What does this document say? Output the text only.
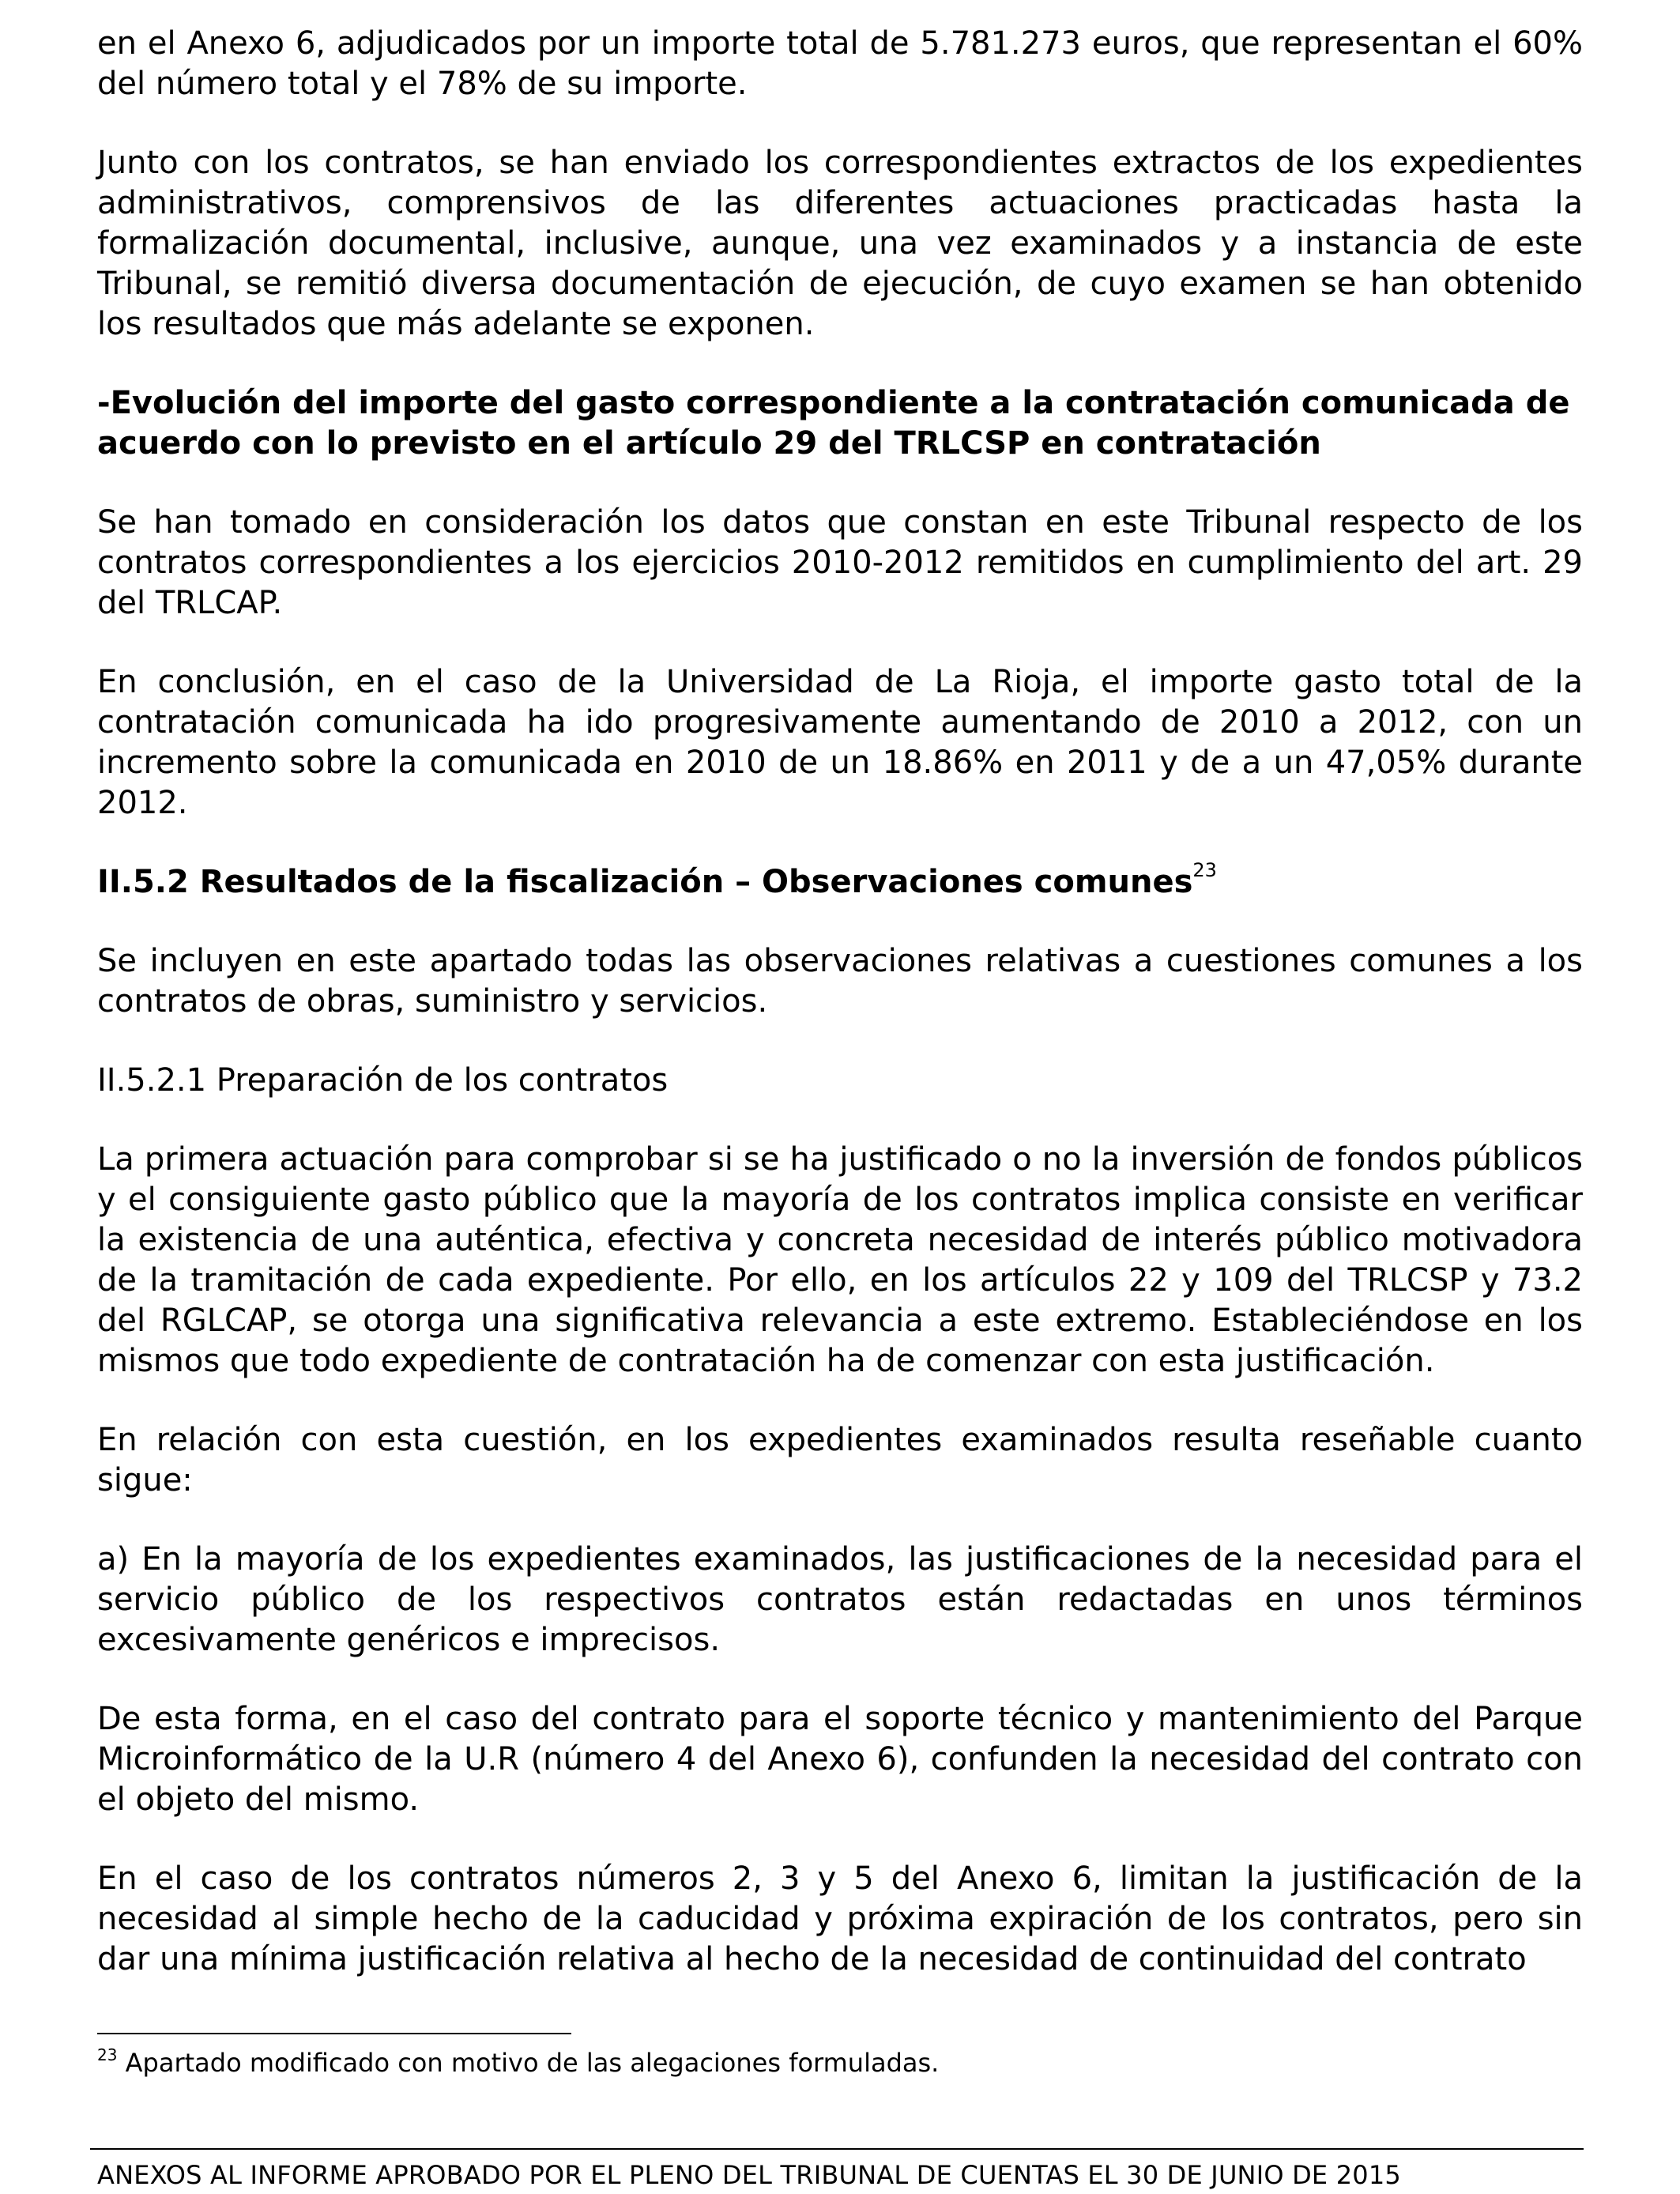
en el Anexo 6, adjudicados por un importe total de 5.781.273 euros, que representan el 60% del número total y el 78% de su importe.

Junto con los contratos, se han enviado los correspondientes extractos de los expedientes administrativos, comprensivos de las diferentes actuaciones practicadas hasta la formalización documental, inclusive, aunque, una vez examinados y a instancia de este Tribunal, se remitió diversa documentación de ejecución, de cuyo examen se han obtenido los resultados que más adelante se exponen.

-Evolución del importe del gasto correspondiente a la contratación comunicada de acuerdo con lo previsto en el artículo 29 del TRLCSP en contratación

Se han tomado en consideración los datos que constan en este Tribunal respecto de los contratos correspondientes a los ejercicios 2010-2012 remitidos en cumplimiento del art. 29 del TRLCAP.

En conclusión, en el caso de la Universidad de La Rioja, el importe gasto total de la contratación comunicada ha ido progresivamente aumentando de 2010 a 2012, con un incremento sobre la comunicada en 2010 de un 18.86% en 2011 y de a un 47,05% durante 2012.

II.5.2 Resultados de la fiscalización – Observaciones comunes$^{23}$

Se incluyen en este apartado todas las observaciones relativas a cuestiones comunes a los contratos de obras, suministro y servicios.

II.5.2.1 Preparación de los contratos

La primera actuación para comprobar si se ha justificado o no la inversión de fondos públicos y el consiguiente gasto público que la mayoría de los contratos implica consiste en verificar la existencia de una auténtica, efectiva y concreta necesidad de interés público motivadora de la tramitación de cada expediente. Por ello, en los artículos 22 y 109 del TRLCSP y 73.2 del RGLCAP, se otorga una significativa relevancia a este extremo. Estableciéndose en los mismos que todo expediente de contratación ha de comenzar con esta justificación.

En relación con esta cuestión, en los expedientes examinados resulta reseñable cuanto sigue:

a) En la mayoría de los expedientes examinados, las justificaciones de la necesidad para el servicio público de los respectivos contratos están redactadas en unos términos excesivamente genéricos e imprecisos.

De esta forma, en el caso del contrato para el soporte técnico y mantenimiento del Parque Microinformático de la U.R (número 4 del Anexo 6), confunden la necesidad del contrato con el objeto del mismo.

En el caso de los contratos números 2, 3 y 5 del Anexo 6, limitan la justificación de la necesidad al simple hecho de la caducidad y próxima expiración de los contratos, pero sin dar una mínima justificación relativa al hecho de la necesidad de continuidad del contrato

$^{23}$ Apartado modificado con motivo de las alegaciones formuladas.
ANEXOS AL INFORME APROBADO POR EL PLENO DEL TRIBUNAL DE CUENTAS EL 30 DE JUNIO DE 2015
